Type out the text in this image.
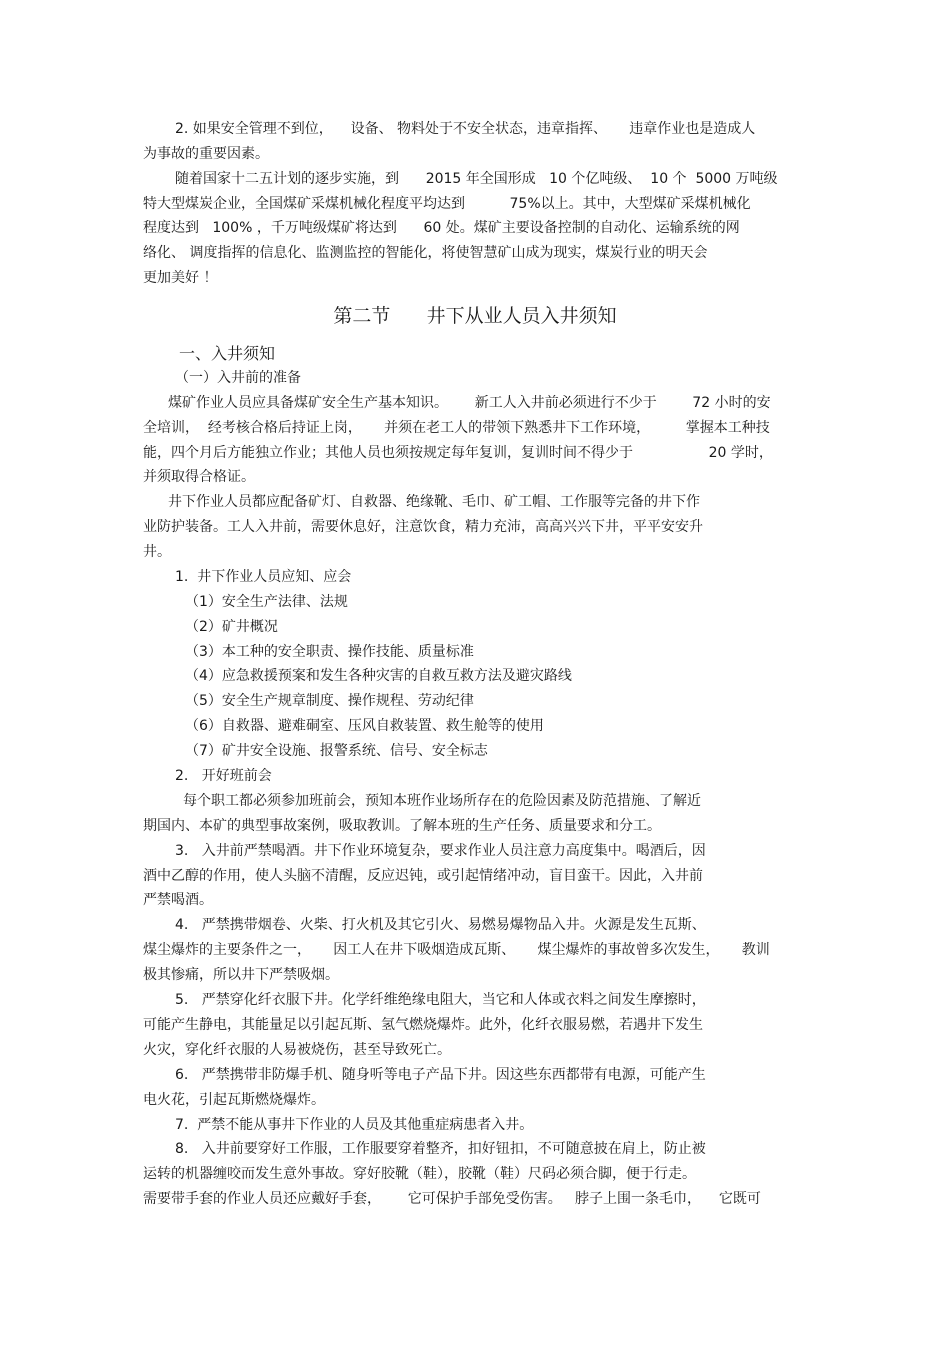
2. 如果安全管理不到位，    设备、 物料处于不安全状态，违章指挥、     违章作业也是造成人
为事故的重要因素。
随着国家十二五计划的逐步实施，到      2015 年全国形成   10 个亿吨级、  10 个  5000 万吨级
特大型煤炭企业，全国煤矿采煤机械化程度平均达到          75%以上。其中，大型煤矿采煤机械化
程度达到   100% ，千万吨级煤矿将达到      60 处。煤矿主要设备控制的自动化、运输系统的网
络化、 调度指挥的信息化、监测监控的智能化，将使智慧矿山成为现实，煤炭行业的明天会
更加美好 ！
第二节      井下从业人员入井须知
一、入井须知
（一）入井前的准备
煤矿作业人员应具备煤矿安全生产基本知识。      新工人入井前必须进行不少于        72 小时的安
全培训，  经考核合格后持证上岗，     并须在老工人的带领下熟悉井下工作环境，        掌握本工种技
能，四个月后方能独立作业；其他人员也须按规定每年复训，复训时间不得少于                 20 学时，
并须取得合格证。
井下作业人员都应配备矿灯、自救器、绝缘靴、毛巾、矿工帽、工作服等完备的井下作
业防护装备。工人入井前，需要休息好，注意饮食，精力充沛，高高兴兴下井，平平安安升
井。
1.  井下作业人员应知、应会
（1）安全生产法律、法规
（2）矿井概况
（3）本工种的安全职责、操作技能、质量标准
（4）应急救援预案和发生各种灾害的自救互救方法及避灾路线
（5）安全生产规章制度、操作规程、劳动纪律
（6）自救器、避难硐室、压风自救装置、救生舱等的使用
（7）矿井安全设施、报警系统、信号、安全标志
2.   开好班前会
每个职工都必须参加班前会，预知本班作业场所存在的危险因素及防范措施、了解近
期国内、本矿的典型事故案例，吸取教训。了解本班的生产任务、质量要求和分工。
3.   入井前严禁喝酒。井下作业环境复杂，要求作业人员注意力高度集中。喝酒后，因
酒中乙醇的作用，使人头脑不清醒，反应迟钝，或引起情绪冲动，盲目蛮干。因此，入井前
严禁喝酒。
4.   严禁携带烟卷、火柴、打火机及其它引火、易燃易爆物品入井。火源是发生瓦斯、
煤尘爆炸的主要条件之一，     因工人在井下吸烟造成瓦斯、     煤尘爆炸的事故曾多次发生，     教训
极其惨痛，所以井下严禁吸烟。
5.   严禁穿化纤衣服下井。化学纤维绝缘电阻大，当它和人体或衣料之间发生摩擦时，
可能产生静电，其能量足以引起瓦斯、氢气燃烧爆炸。此外，化纤衣服易燃，若遇井下发生
火灾，穿化纤衣服的人易被烧伤，甚至导致死亡。
6.   严禁携带非防爆手机、随身听等电子产品下井。因这些东西都带有电源，可能产生
电火花，引起瓦斯燃烧爆炸。
7.  严禁不能从事井下作业的人员及其他重症病患者入井。
8.   入井前要穿好工作服，工作服要穿着整齐，扣好钮扣，不可随意披在肩上，防止被
运转的机器缠咬而发生意外事故。穿好胶靴（鞋），胶靴（鞋）尺码必须合脚，便于行走。
需要带手套的作业人员还应戴好手套，      它可保护手部免受伤害。   脖子上围一条毛巾，    它既可
